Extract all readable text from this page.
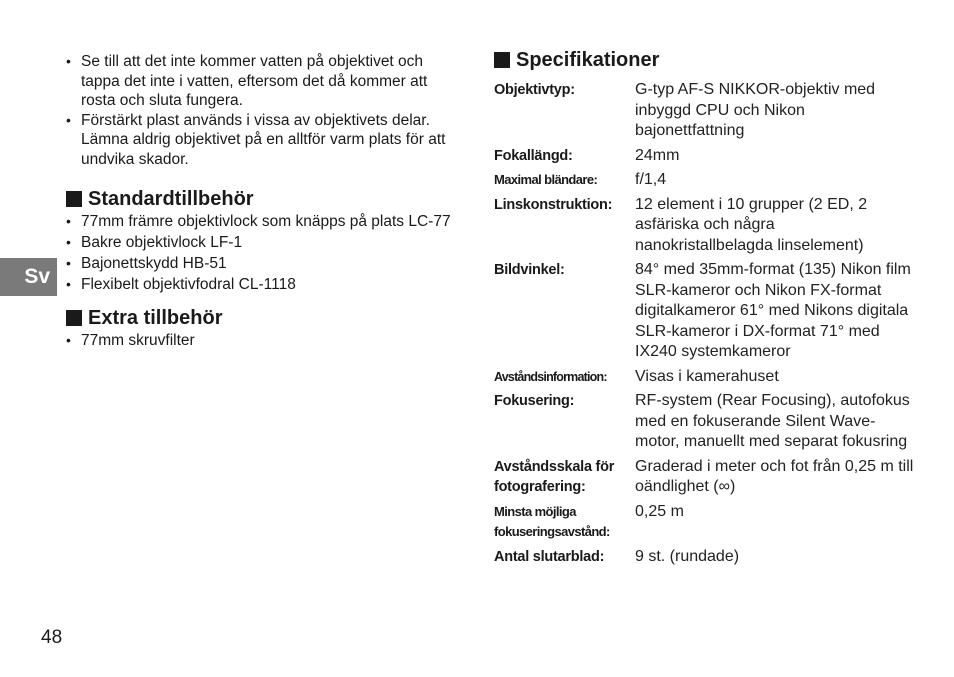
• Se till att det inte kommer vatten på objektivet och tappa det inte i vatten, eftersom det då kommer att rosta och sluta fungera.
• Förstärkt plast används i vissa av objektivets delar. Lämna aldrig objektivet på en alltför varm plats för att undvika skador.
Standardtillbehör
• 77mm främre objektivlock som knäpps på plats LC-77
• Bakre objektivlock LF-1
• Bajonettskydd HB-51
• Flexibelt objektivfodral CL-1118
Extra tillbehör
• 77mm skruvfilter
Specifikationer
Objektivtyp:	G-typ AF-S NIKKOR-objektiv med inbyggd CPU och Nikon bajonettfattning
Fokallängd:	24mm
Maximal bländare:	f/1,4
Linskonstruktion:	12 element i 10 grupper (2 ED, 2 asfäriska och några nanokristallbelagda linselement)
Bildvinkel:	84° med 35mm-format (135) Nikon film SLR-kameror och Nikon FX-format digitalkameror 61° med Nikons digitala SLR-kameror i DX-format 71° med IX240 systemkameror
Avståndsinformation:	Visas i kamerahuset
Fokusering:	RF-system (Rear Focusing), autofokus med en fokuserande Silent Wave-motor, manuellt med separat fokusring
Avståndsskala för fotografering:
Graderad i meter och fot från 0,25 m till oändlighet (∞)
Minsta möjliga fokuseringsavstånd:
0,25 m
Antal slutarblad:	9 st. (rundade)
Sv
48
